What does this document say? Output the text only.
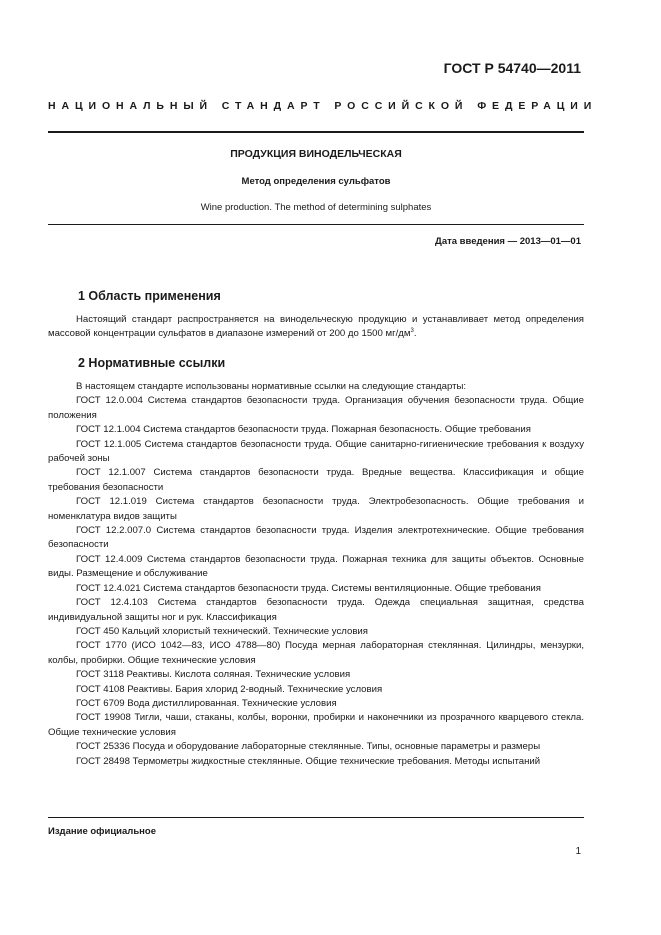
ГОСТ Р 54740—2011
НАЦИОНАЛЬНЫЙ СТАНДАРТ РОССИЙСКОЙ ФЕДЕРАЦИИ
ПРОДУКЦИЯ ВИНОДЕЛЬЧЕСКАЯ
Метод определения сульфатов
Wine production. The method of determining sulphates
Дата введения — 2013—01—01
1 Область применения
Настоящий стандарт распространяется на винодельческую продукцию и устанавливает метод определения массовой концентрации сульфатов в диапазоне измерений от 200 до 1500 $мг/дм^3$.
2 Нормативные ссылки
В настоящем стандарте использованы нормативные ссылки на следующие стандарты:
ГОСТ 12.0.004 Система стандартов безопасности труда. Организация обучения безопасности труда. Общие положения
ГОСТ 12.1.004 Система стандартов безопасности труда. Пожарная безопасность. Общие требования
ГОСТ 12.1.005 Система стандартов безопасности труда. Общие санитарно-гигиенические требования к воздуху рабочей зоны
ГОСТ 12.1.007 Система стандартов безопасности труда. Вредные вещества. Классификация и общие требования безопасности
ГОСТ 12.1.019 Система стандартов безопасности труда. Электробезопасность. Общие требования и номенклатура видов защиты
ГОСТ 12.2.007.0 Система стандартов безопасности труда. Изделия электротехнические. Общие требования безопасности
ГОСТ 12.4.009 Система стандартов безопасности труда. Пожарная техника для защиты объектов. Основные виды. Размещение и обслуживание
ГОСТ 12.4.021 Система стандартов безопасности труда. Системы вентиляционные. Общие требования
ГОСТ 12.4.103 Система стандартов безопасности труда. Одежда специальная защитная, средства индивидуальной защиты ног и рук. Классификация
ГОСТ 450 Кальций хлористый технический. Технические условия
ГОСТ 1770 (ИСО 1042—83, ИСО 4788—80) Посуда мерная лабораторная стеклянная. Цилиндры, мензурки, колбы, пробирки. Общие технические условия
ГОСТ 3118 Реактивы. Кислота соляная. Технические условия
ГОСТ 4108 Реактивы. Бария хлорид 2-водный. Технические условия
ГОСТ 6709 Вода дистиллированная. Технические условия
ГОСТ 19908 Тигли, чаши, стаканы, колбы, воронки, пробирки и наконечники из прозрачного кварцевого стекла. Общие технические условия
ГОСТ 25336 Посуда и оборудование лабораторные стеклянные. Типы, основные параметры и размеры
ГОСТ 28498 Термометры жидкостные стеклянные. Общие технические требования. Методы испытаний
Издание официальное
1
